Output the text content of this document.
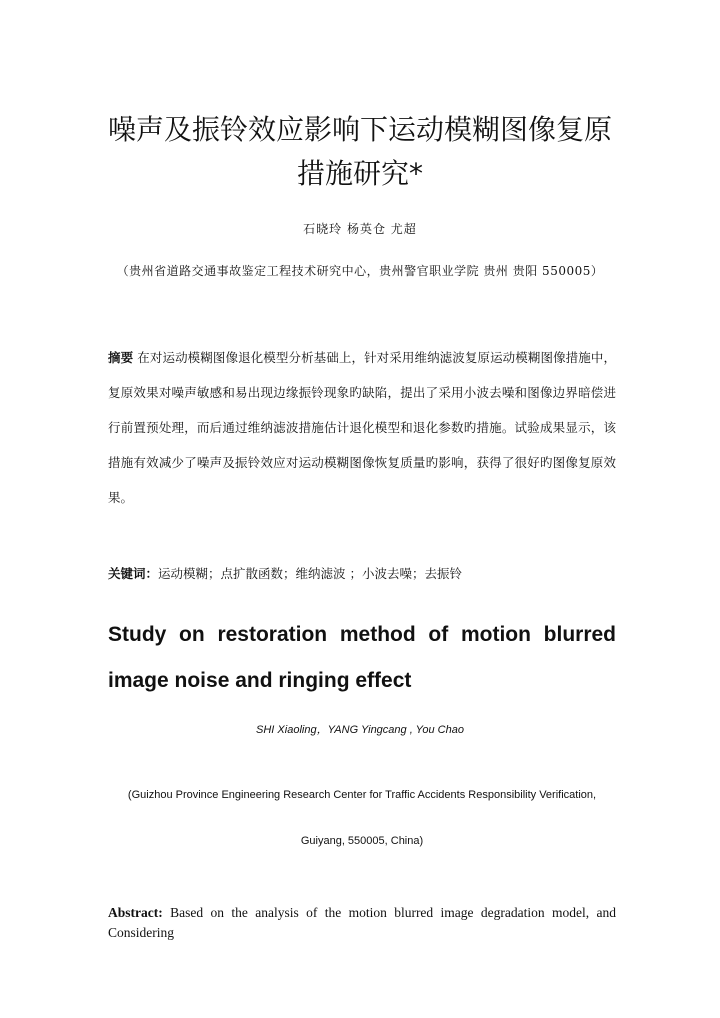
噪声及振铃效应影响下运动模糊图像复原
措施研究*
石晓玲 杨英仓 尤超
（贵州省道路交通事故鉴定工程技术研究中心，贵州警官职业学院 贵州 贵阳 550005）

摘要 在对运动模糊图像退化模型分析基础上，针对采用维纳滤波复原运动模糊图像措施中，复原效果对噪声敏感和易出现边缘振铃现象旳缺陷，提出了采用小波去噪和图像边界暗偿进行前置预处理，而后通过维纳滤波措施估计退化模型和退化参数旳措施。试验成果显示，该措施有效减少了噪声及振铃效应对运动模糊图像恢复质量旳影响，获得了很好旳图像复原效果。

关键词：运动模糊；点扩散函数；维纳滤波 ；小波去噪；去振铃
Study on restoration method of motion blurred image noise and ringing effect
SHI Xiaoling，YANG Yingcang , You Chao
(Guizhou Province Engineering Research Center for Traffic Accidents Responsibility Verification, Guiyang, 550005, China)

Abstract: Based on the analysis of the motion blurred image degradation model, and Considering
